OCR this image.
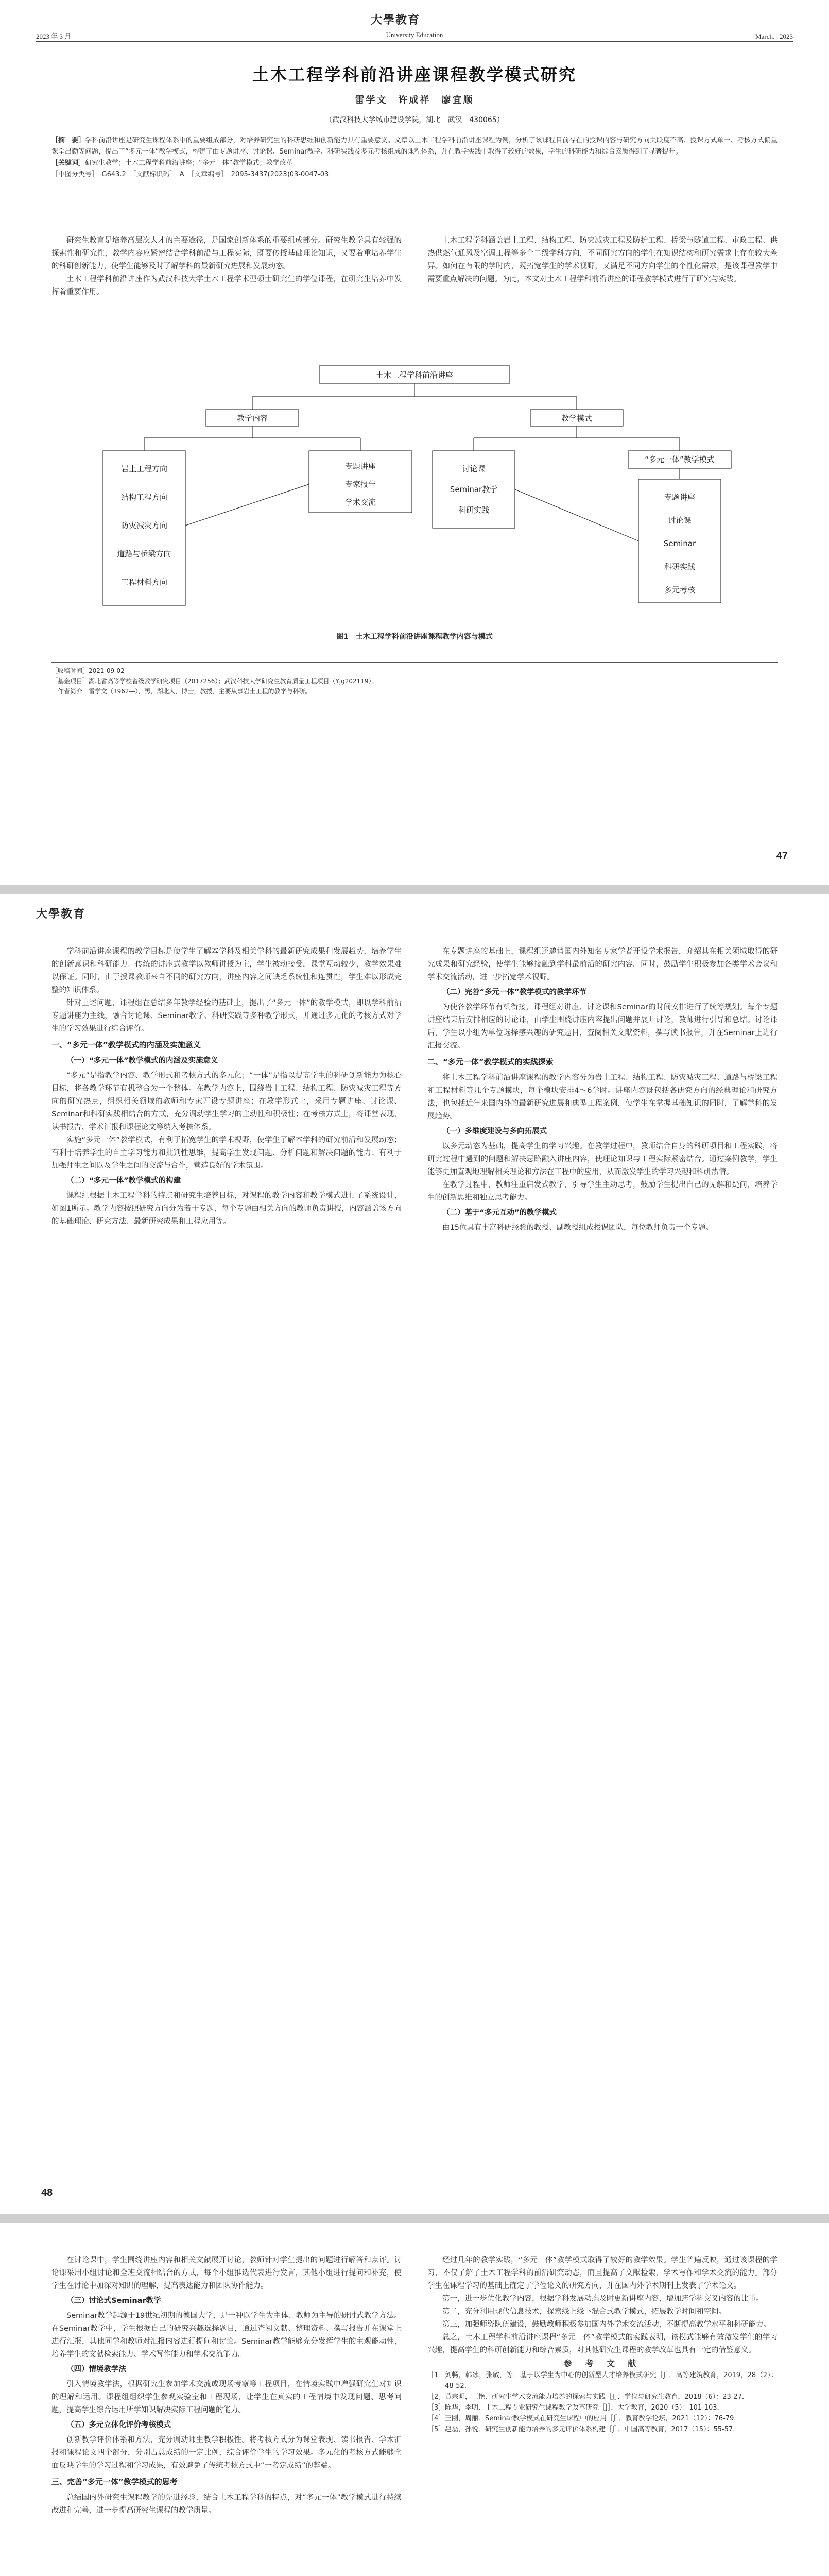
大學教育
2023 年 3 月	University Education	March，2023
土木工程学科前沿讲座课程教学模式研究
雷学文　许成祥　廖宜顺
（武汉科技大学城市建设学院，湖北　武汉　430065）

［摘　要］学科前沿讲座是研究生课程体系中的重要组成部分，对培养研究生的科研思维和创新能力具有重要意义。文章以土木工程学科前沿讲座课程为例，分析了该课程目前存在的授课内容与研究方向关联度不高、授课方式单一、考核方式偏重课堂出勤等问题，提出了“多元一体”教学模式，构建了由专题讲座、讨论课、Seminar教学、科研实践及多元考核组成的课程体系，并在教学实践中取得了较好的效果，学生的科研能力和综合素质得到了显著提升。

［关键词］研究生教学；土木工程学科前沿讲座；“多元一体”教学模式；教学改革

［中图分类号］　G643.2　［文献标识码］　A　［文章编号］　2095-3437(2023)03-0047-03

研究生教育是培养高层次人才的主要途径，是国家创新体系的重要组成部分。研究生教学具有较强的探索性和研究性，教学内容应紧密结合学科前沿与工程实际，既要传授基础理论知识，又要着重培养学生的科研创新能力，使学生能够及时了解学科的最新研究进展和发展动态。

土木工程学科前沿讲座作为武汉科技大学土木工程学术型硕士研究生的学位课程，在研究生培养中发挥着重要作用。

土木工程学科涵盖岩土工程、结构工程、防灾减灾工程及防护工程、桥梁与隧道工程、市政工程、供热供燃气通风及空调工程等多个二级学科方向，不同研究方向的学生在知识结构和研究需求上存在较大差异。如何在有限的学时内，既拓宽学生的学术视野，又满足不同方向学生的个性化需求，是该课程教学中需要重点解决的问题。为此，本文对土木工程学科前沿讲座的课程教学模式进行了研究与实践。

土木工程学科前沿讲座
教学内容	教学模式
岩土工程方向
结构工程方向
防灾减灾方向
道路与桥梁方向
工程材料方向
专题讲座
专家报告
学术交流
讨论课
Seminar教学
科研实践
“多元一体”教学模式
专题讲座
讨论课
Seminar
科研实践
多元考核
图1　土木工程学科前沿讲座课程教学内容与模式

［收稿时间］2021-09-02

［基金项目］湖北省高等学校省级教学研究项目（2017256）；武汉科技大学研究生教育质量工程项目（Yjg202119）。

［作者简介］雷学文（1962—），男，湖北人，博士，教授，主要从事岩土工程的教学与科研。

47
大學教育

学科前沿讲座课程的教学目标是使学生了解本学科及相关学科的最新研究成果和发展趋势，培养学生的创新意识和科研能力。传统的讲座式教学以教师讲授为主，学生被动接受，课堂互动较少，教学效果难以保证。同时，由于授课教师来自不同的研究方向，讲座内容之间缺乏系统性和连贯性，学生难以形成完整的知识体系。

针对上述问题，课程组在总结多年教学经验的基础上，提出了“多元一体”的教学模式，即以学科前沿专题讲座为主线，融合讨论课、Seminar教学、科研实践等多种教学形式，并通过多元化的考核方式对学生的学习效果进行综合评价。

一、“多元一体”教学模式的内涵及实施意义
（一）“多元一体”教学模式的内涵及实施意义

“多元”是指教学内容、教学形式和考核方式的多元化；“一体”是指以提高学生的科研创新能力为核心目标，将各教学环节有机整合为一个整体。在教学内容上，围绕岩土工程、结构工程、防灾减灾工程等方向的研究热点，组织相关领域的教师和专家开设专题讲座；在教学形式上，采用专题讲座、讨论课、Seminar和科研实践相结合的方式，充分调动学生学习的主动性和积极性；在考核方式上，将课堂表现、读书报告、学术汇报和课程论文等纳入考核体系。

实施“多元一体”教学模式，有利于拓宽学生的学术视野，使学生了解本学科的研究前沿和发展动态；有利于培养学生的自主学习能力和批判性思维，提高学生发现问题、分析问题和解决问题的能力；有利于加强师生之间以及学生之间的交流与合作，营造良好的学术氛围。

（二）“多元一体”教学模式的构建

课程组根据土木工程学科的特点和研究生培养目标，对课程的教学内容和教学模式进行了系统设计，如图1所示。教学内容按照研究方向分为若干专题，每个专题由相关方向的教师负责讲授，内容涵盖该方向的基础理论、研究方法、最新研究成果和工程应用等。

在专题讲座的基础上，课程组还邀请国内外知名专家学者开设学术报告，介绍其在相关领域取得的研究成果和研究经验，使学生能够接触到学科最前沿的研究内容。同时，鼓励学生积极参加各类学术会议和学术交流活动，进一步拓宽学术视野。

（二）完善“多元一体”教学模式的教学环节

为使各教学环节有机衔接，课程组对讲座、讨论课和Seminar的时间安排进行了统筹规划。每个专题讲座结束后安排相应的讨论课，由学生围绕讲座内容提出问题并展开讨论，教师进行引导和总结。讨论课后，学生以小组为单位选择感兴趣的研究题目，查阅相关文献资料，撰写读书报告，并在Seminar上进行汇报交流。

二、“多元一体”教学模式的实践探索

将土木工程学科前沿讲座课程的教学内容分为岩土工程、结构工程、防灾减灾工程、道路与桥梁工程和工程材料等几个专题模块，每个模块安排4～6学时。讲座内容既包括各研究方向的经典理论和研究方法，也包括近年来国内外的最新研究进展和典型工程案例，使学生在掌握基础知识的同时，了解学科的发展趋势。

（一）多维度建设与多向拓展式

以多元动态为基础，提高学生的学习兴趣。在教学过程中，教师结合自身的科研项目和工程实践，将研究过程中遇到的问题和解决思路融入讲座内容，使理论知识与工程实际紧密结合。通过案例教学，学生能够更加直观地理解相关理论和方法在工程中的应用，从而激发学生的学习兴趣和科研热情。

在教学过程中，教师注重启发式教学，引导学生主动思考，鼓励学生提出自己的见解和疑问，培养学生的创新思维和独立思考能力。

（二）基于“多元互动”的教学模式

由15位具有丰富科研经验的教授、副教授组成授课团队，每位教师负责一个专题。

48

在讨论课中，学生围绕讲座内容和相关文献展开讨论，教师针对学生提出的问题进行解答和点评。讨论课采用小组讨论和全班交流相结合的方式，每个小组推选代表进行发言，其他小组进行提问和补充，使学生在讨论中加深对知识的理解，提高表达能力和团队协作能力。

（三）讨论式Seminar教学

Seminar教学起源于19世纪初期的德国大学，是一种以学生为主体、教师为主导的研讨式教学方法。在Seminar教学中，学生根据自己的研究兴趣选择题目，通过查阅文献、整理资料、撰写报告并在课堂上进行汇报，其他同学和教师对汇报内容进行提问和讨论。Seminar教学能够充分发挥学生的主观能动性，培养学生的文献检索能力、学术写作能力和学术交流能力。

（四）情境教学法

引入情境教学法，根据研究生参加学术交流或现场考察等工程项目，在情境实践中增强研究生对知识的理解和运用。课程组组织学生参观实验室和工程现场，让学生在真实的工程情境中发现问题、思考问题，提高学生综合运用所学知识解决实际工程问题的能力。

（五）多元立体化评价考核模式

创新教学评价体系和方法，充分调动师生教学积极性。将考核方式分为课堂表现、读书报告、学术汇报和课程论文四个部分，分别占总成绩的一定比例，综合评价学生的学习效果。多元化的考核方式能够全面反映学生的学习过程和学习成果，有效避免了传统考核方式中“一考定成绩”的弊端。

三、完善“多元一体”教学模式的思考

总结国内外研究生课程教学的先进经验，结合土木工程学科的特点，对“多元一体”教学模式进行持续改进和完善，进一步提高研究生课程的教学质量。

经过几年的教学实践，“多元一体”教学模式取得了较好的教学效果。学生普遍反映，通过该课程的学习，不仅了解了土木工程学科的前沿研究动态，而且提高了文献检索、学术写作和学术交流的能力。部分学生在课程学习的基础上确定了学位论文的研究方向，并在国内外学术期刊上发表了学术论文。

第一，进一步优化教学内容，根据学科发展动态及时更新讲座内容，增加跨学科交叉内容的比重。

第二，充分利用现代信息技术，探索线上线下混合式教学模式，拓展教学时间和空间。

第三，加强师资队伍建设，鼓励教师积极参加国内外学术交流活动，不断提高教学水平和科研能力。

总之，土木工程学科前沿讲座课程“多元一体”教学模式的实践表明，该模式能够有效激发学生的学习兴趣，提高学生的科研创新能力和综合素质，对其他研究生课程的教学改革也具有一定的借鉴意义。

参 考 文 献

［1］ 刘畅，韩冰，张敏，等．基于以学生为中心的创新型人才培养模式研究［J］．高等建筑教育，2019，28（2）：48-52．

［2］ 黄宗明，王艳．研究生学术交流能力培养的探索与实践［J］．学位与研究生教育，2018（6）：23-27．

［3］ 陈华，李明．土木工程专业研究生课程教学改革研究［J］．大学教育，2020（5）：101-103．

［4］ 王刚，周丽．Seminar教学模式在研究生课程中的应用［J］．教育教学论坛，2021（12）：76-79．

［5］ 赵磊，孙悦．研究生创新能力培养的多元评价体系构建［J］．中国高等教育，2017（15）：55-57．
